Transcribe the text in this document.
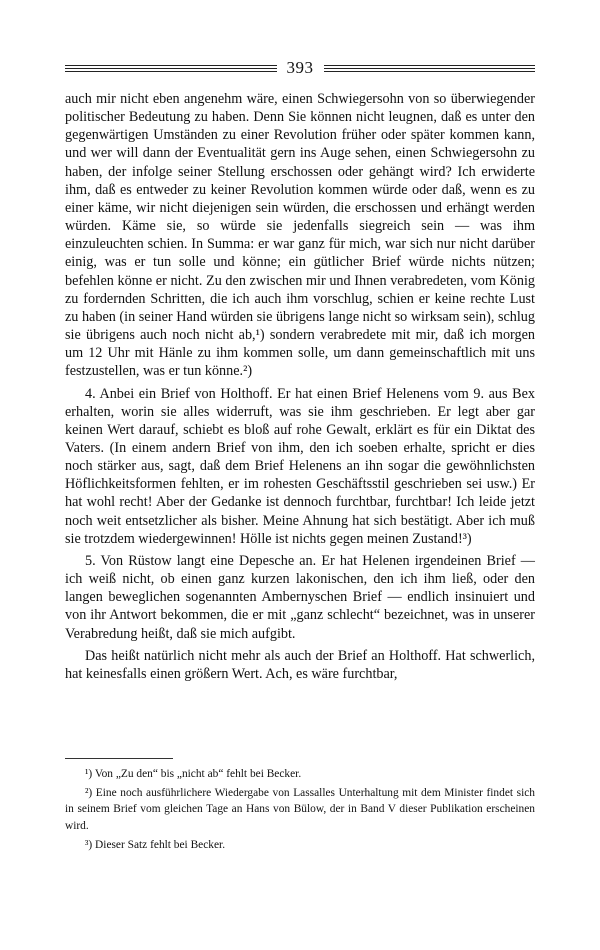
393

auch mir nicht eben angenehm wäre, einen Schwiegersohn von so überwiegender politischer Bedeutung zu haben. Denn Sie können nicht leugnen, daß es unter den gegenwärtigen Umständen zu einer Revolution früher oder später kommen kann, und wer will dann der Eventualität gern ins Auge sehen, einen Schwiegersohn zu haben, der infolge seiner Stellung erschossen oder gehängt wird? Ich erwiderte ihm, daß es entweder zu keiner Revolution kommen würde oder daß, wenn es zu einer käme, wir nicht diejenigen sein würden, die erschossen und erhängt werden würden. Käme sie, so würde sie jedenfalls siegreich sein — was ihm einzuleuchten schien. In Summa: er war ganz für mich, war sich nur nicht darüber einig, was er tun solle und könne; ein gütlicher Brief würde nichts nützen; befehlen könne er nicht. Zu den zwischen mir und Ihnen verabredeten, vom König zu fordernden Schritten, die ich auch ihm vorschlug, schien er keine rechte Lust zu haben (in seiner Hand würden sie übrigens lange nicht so wirksam sein), schlug sie übrigens auch noch nicht ab,¹) sondern verabredete mit mir, daß ich morgen um 12 Uhr mit Hänle zu ihm kommen solle, um dann gemeinschaftlich mit uns festzustellen, was er tun könne.²)

4. Anbei ein Brief von Holthoff. Er hat einen Brief Helenens vom 9. aus Bex erhalten, worin sie alles widerruft, was sie ihm geschrieben. Er legt aber gar keinen Wert darauf, schiebt es bloß auf rohe Gewalt, erklärt es für ein Diktat des Vaters. (In einem andern Brief von ihm, den ich soeben erhalte, spricht er dies noch stärker aus, sagt, daß dem Brief Helenens an ihn sogar die gewöhnlichsten Höflichkeitsformen fehlten, er im rohesten Geschäftsstil geschrieben sei usw.) Er hat wohl recht! Aber der Gedanke ist dennoch furchtbar, furchtbar! Ich leide jetzt noch weit entsetzlicher als bisher. Meine Ahnung hat sich bestätigt. Aber ich muß sie trotzdem wiedergewinnen! Hölle ist nichts gegen meinen Zustand!³)

5. Von Rüstow langt eine Depesche an. Er hat Helenen irgendeinen Brief — ich weiß nicht, ob einen ganz kurzen lakonischen, den ich ihm ließ, oder den langen beweglichen sogenannten Ambernyschen Brief — endlich insinuiert und von ihr Antwort bekommen, die er mit „ganz schlecht“ bezeichnet, was in unserer Verabredung heißt, daß sie mich aufgibt.

Das heißt natürlich nicht mehr als auch der Brief an Holthoff. Hat schwerlich, hat keinesfalls einen größern Wert. Ach, es wäre furchtbar,

¹) Von „Zu den“ bis „nicht ab“ fehlt bei Becker.

²) Eine noch ausführlichere Wiedergabe von Lassalles Unterhaltung mit dem Minister findet sich in seinem Brief vom gleichen Tage an Hans von Bülow, der in Band V dieser Publikation erscheinen wird.

³) Dieser Satz fehlt bei Becker.
